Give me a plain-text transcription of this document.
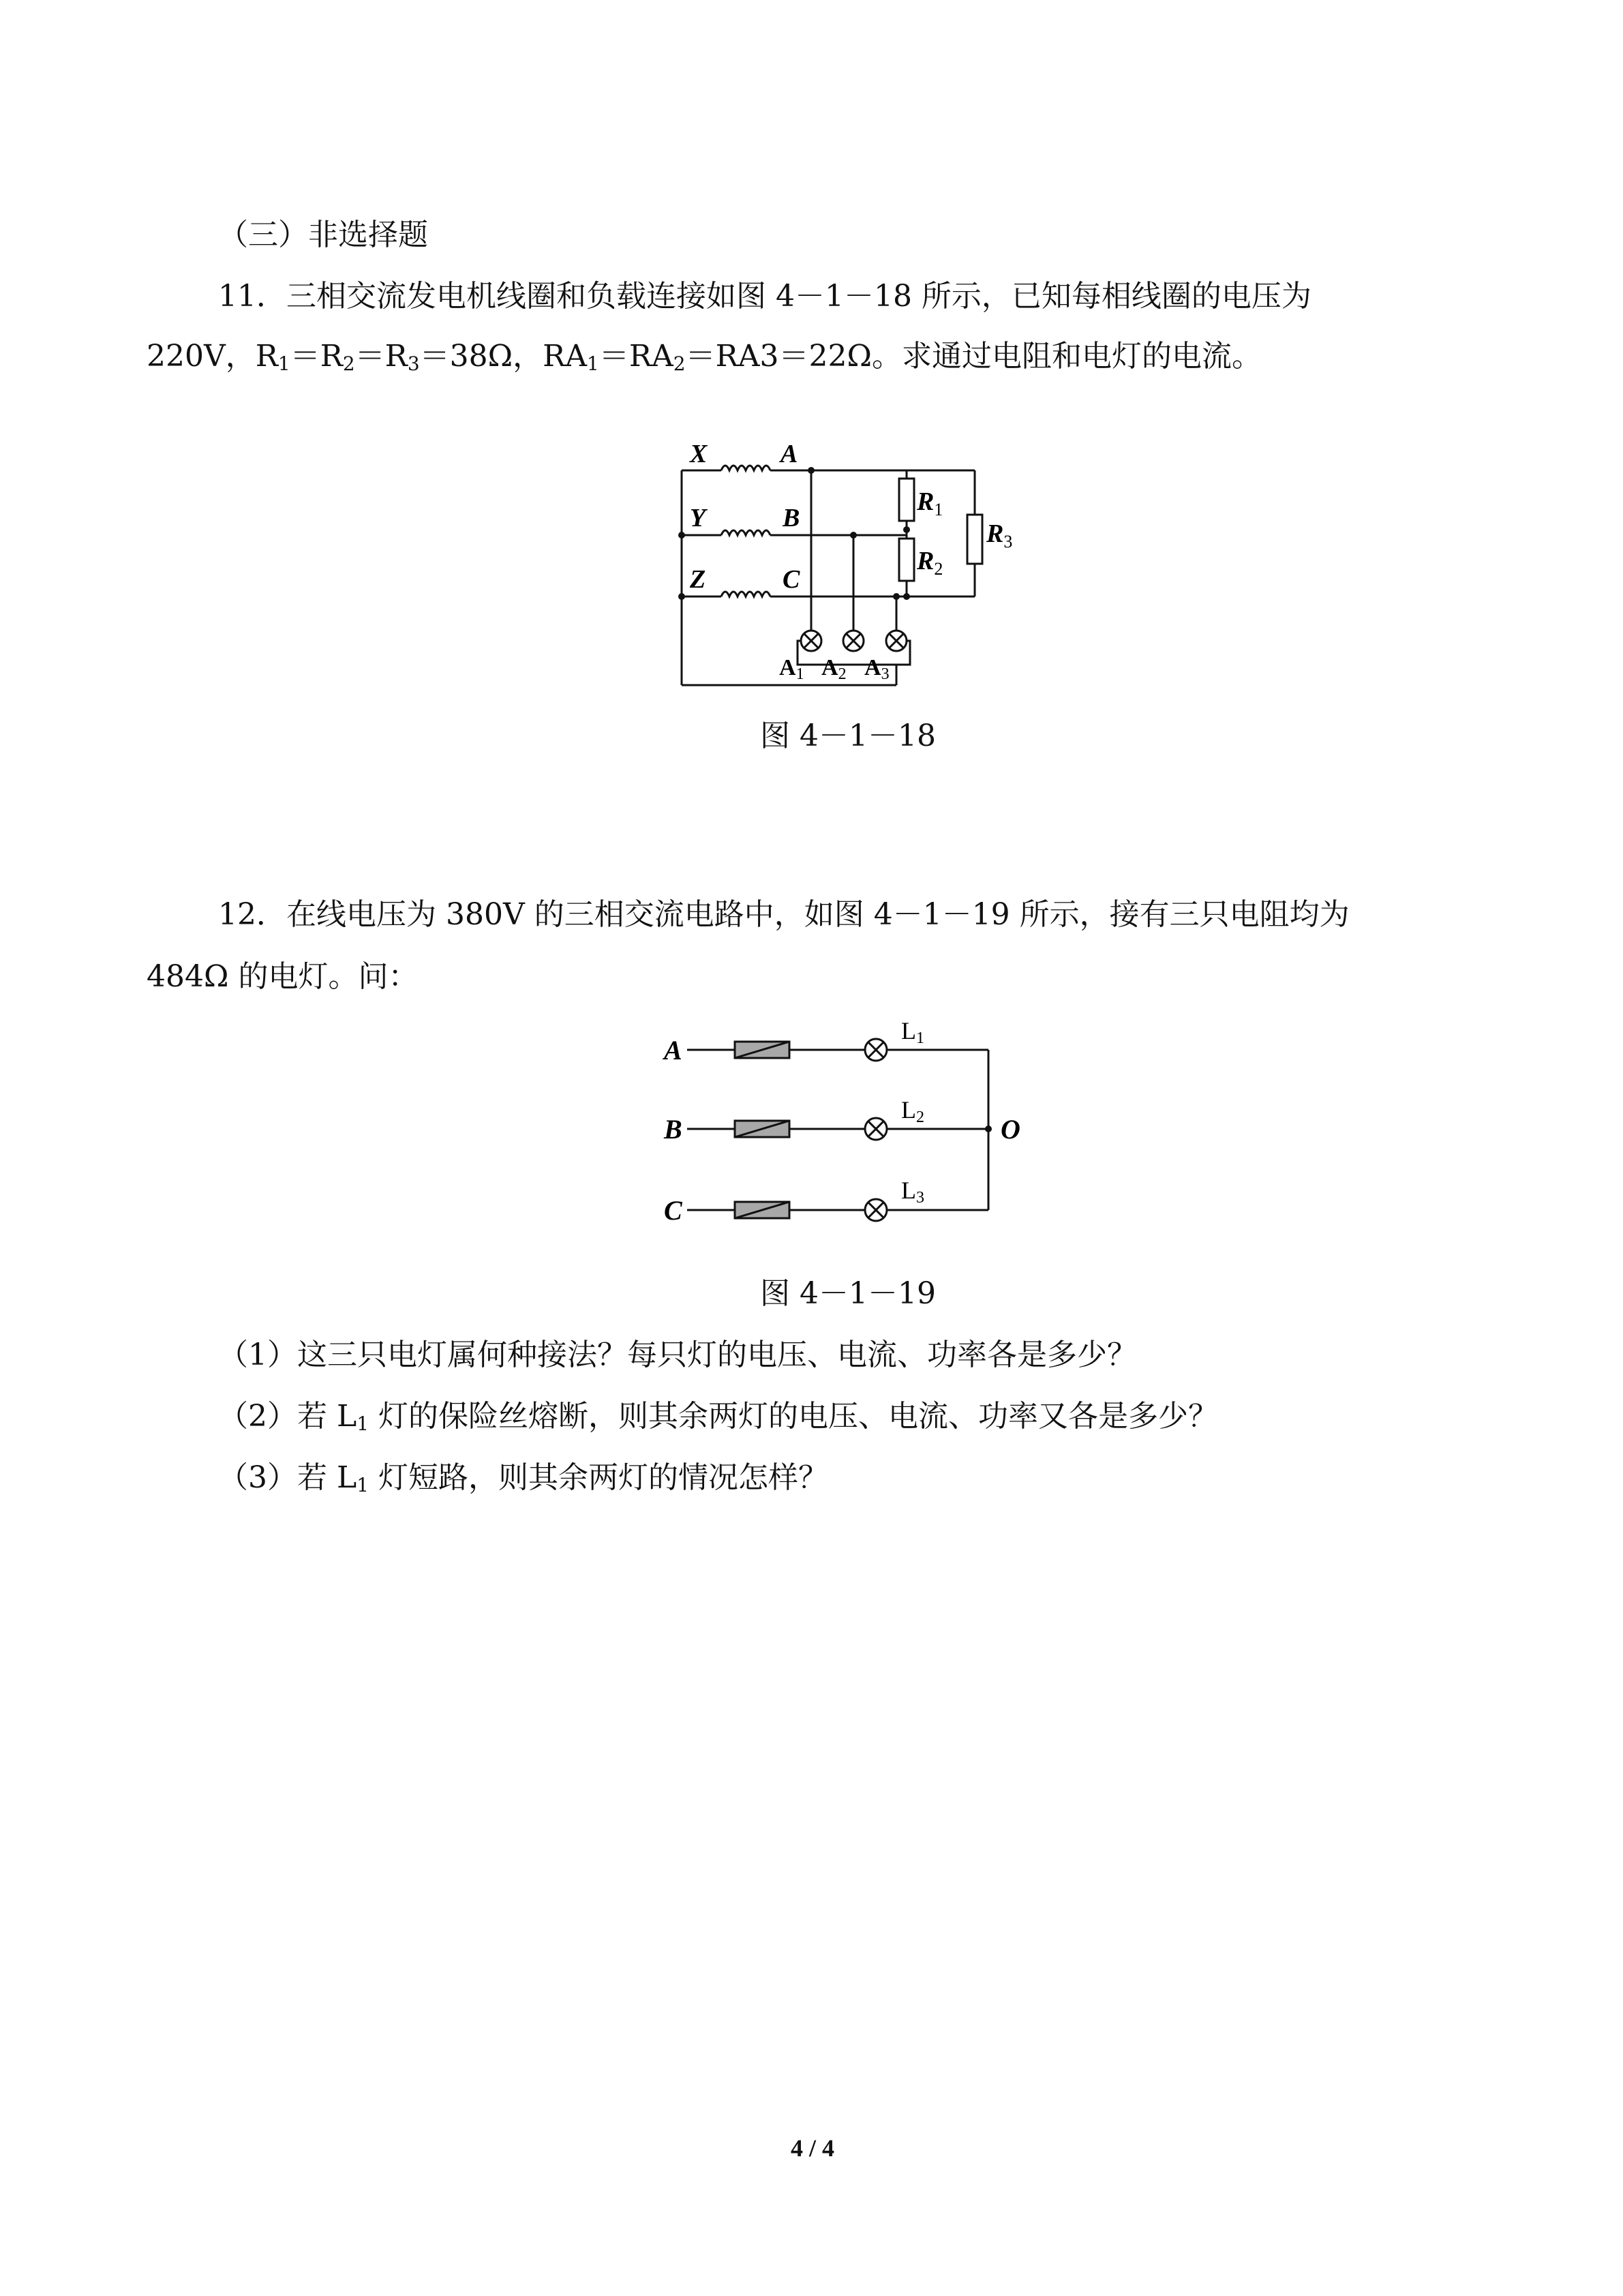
（三）非选择题
11．三相交流发电机线圈和负载连接如图 4－1－18 所示，已知每相线圈的电压为
220V，$R_1=R_2=R_3=38\Omega$，$RA_1=RA_2=RA3=22\Omega$。求通过电阻和电灯的电流。
X
Y
Z
A
B
C
$R_1$
$R_2$
$R_3$
A1 A2 A3
图 4－1－18
12．在线电压为 380V 的三相交流电路中，如图 4－1－19 所示，接有三只电阻均为
484Ω 的电灯。问：
A
B
C
L1
L2
L3
O
图 4－1－19
（1）这三只电灯属何种接法？每只灯的电压、电流、功率各是多少？
（2）若 $L_1$ 灯的保险丝熔断，则其余两灯的电压、电流、功率又各是多少？
（3）若 $L_1$ 灯短路，则其余两灯的情况怎样？
4 / 4
